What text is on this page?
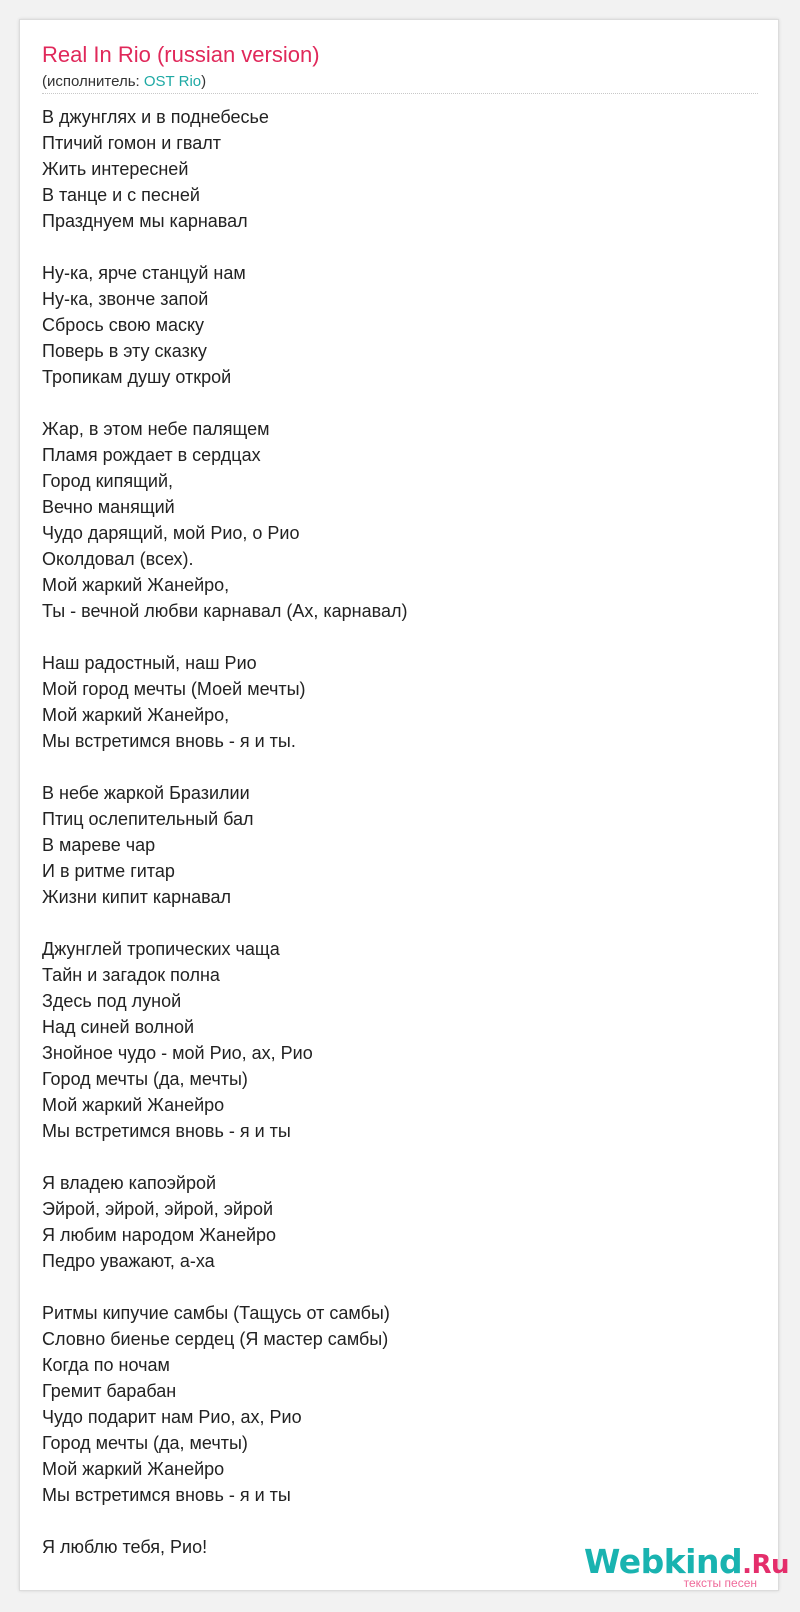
Real In Rio (russian version)
(исполнитель: OST Rio)
В джунглях и в поднебесье
Птичий гомон и гвалт
Жить интересней
В танце и с песней
Празднуем мы карнавал
Ну-ка, ярче станцуй нам
Ну-ка, звонче запой
Сбрось свою маску
Поверь в эту сказку
Тропикам душу открой
Жар, в этом небе палящем
Пламя рождает в сердцах
Город кипящий,
Вечно манящий
Чудо дарящий, мой Рио, о Рио
Околдовал (всех).
Мой жаркий Жанейро,
Ты - вечной любви карнавал (Ах, карнавал)
Наш радостный, наш Рио
Мой город мечты (Моей мечты)
Мой жаркий Жанейро,
Мы встретимся вновь - я и ты.
В небе жаркой Бразилии
Птиц ослепительный бал
В мареве чар
И в ритме гитар
Жизни кипит карнавал
Джунглей тропических чаща
Тайн и загадок полна
Здесь под луной
Над синей волной
Знойное чудо - мой Рио, ах, Рио
Город мечты (да, мечты)
Мой жаркий Жанейро
Мы встретимся вновь - я и ты
Я владею капоэйрой
Эйрой, эйрой, эйрой, эйрой
Я любим народом Жанейро
Педро уважают, а-ха
Ритмы кипучие самбы (Тащусь от самбы)
Словно биенье сердец (Я мастер самбы)
Когда по ночам
Гремит барабан
Чудо подарит нам Рио, ах, Рио
Город мечты (да, мечты)
Мой жаркий Жанейро
Мы встретимся вновь - я и ты
Я люблю тебя, Рио!	Webkind.Ru
тексты песен
